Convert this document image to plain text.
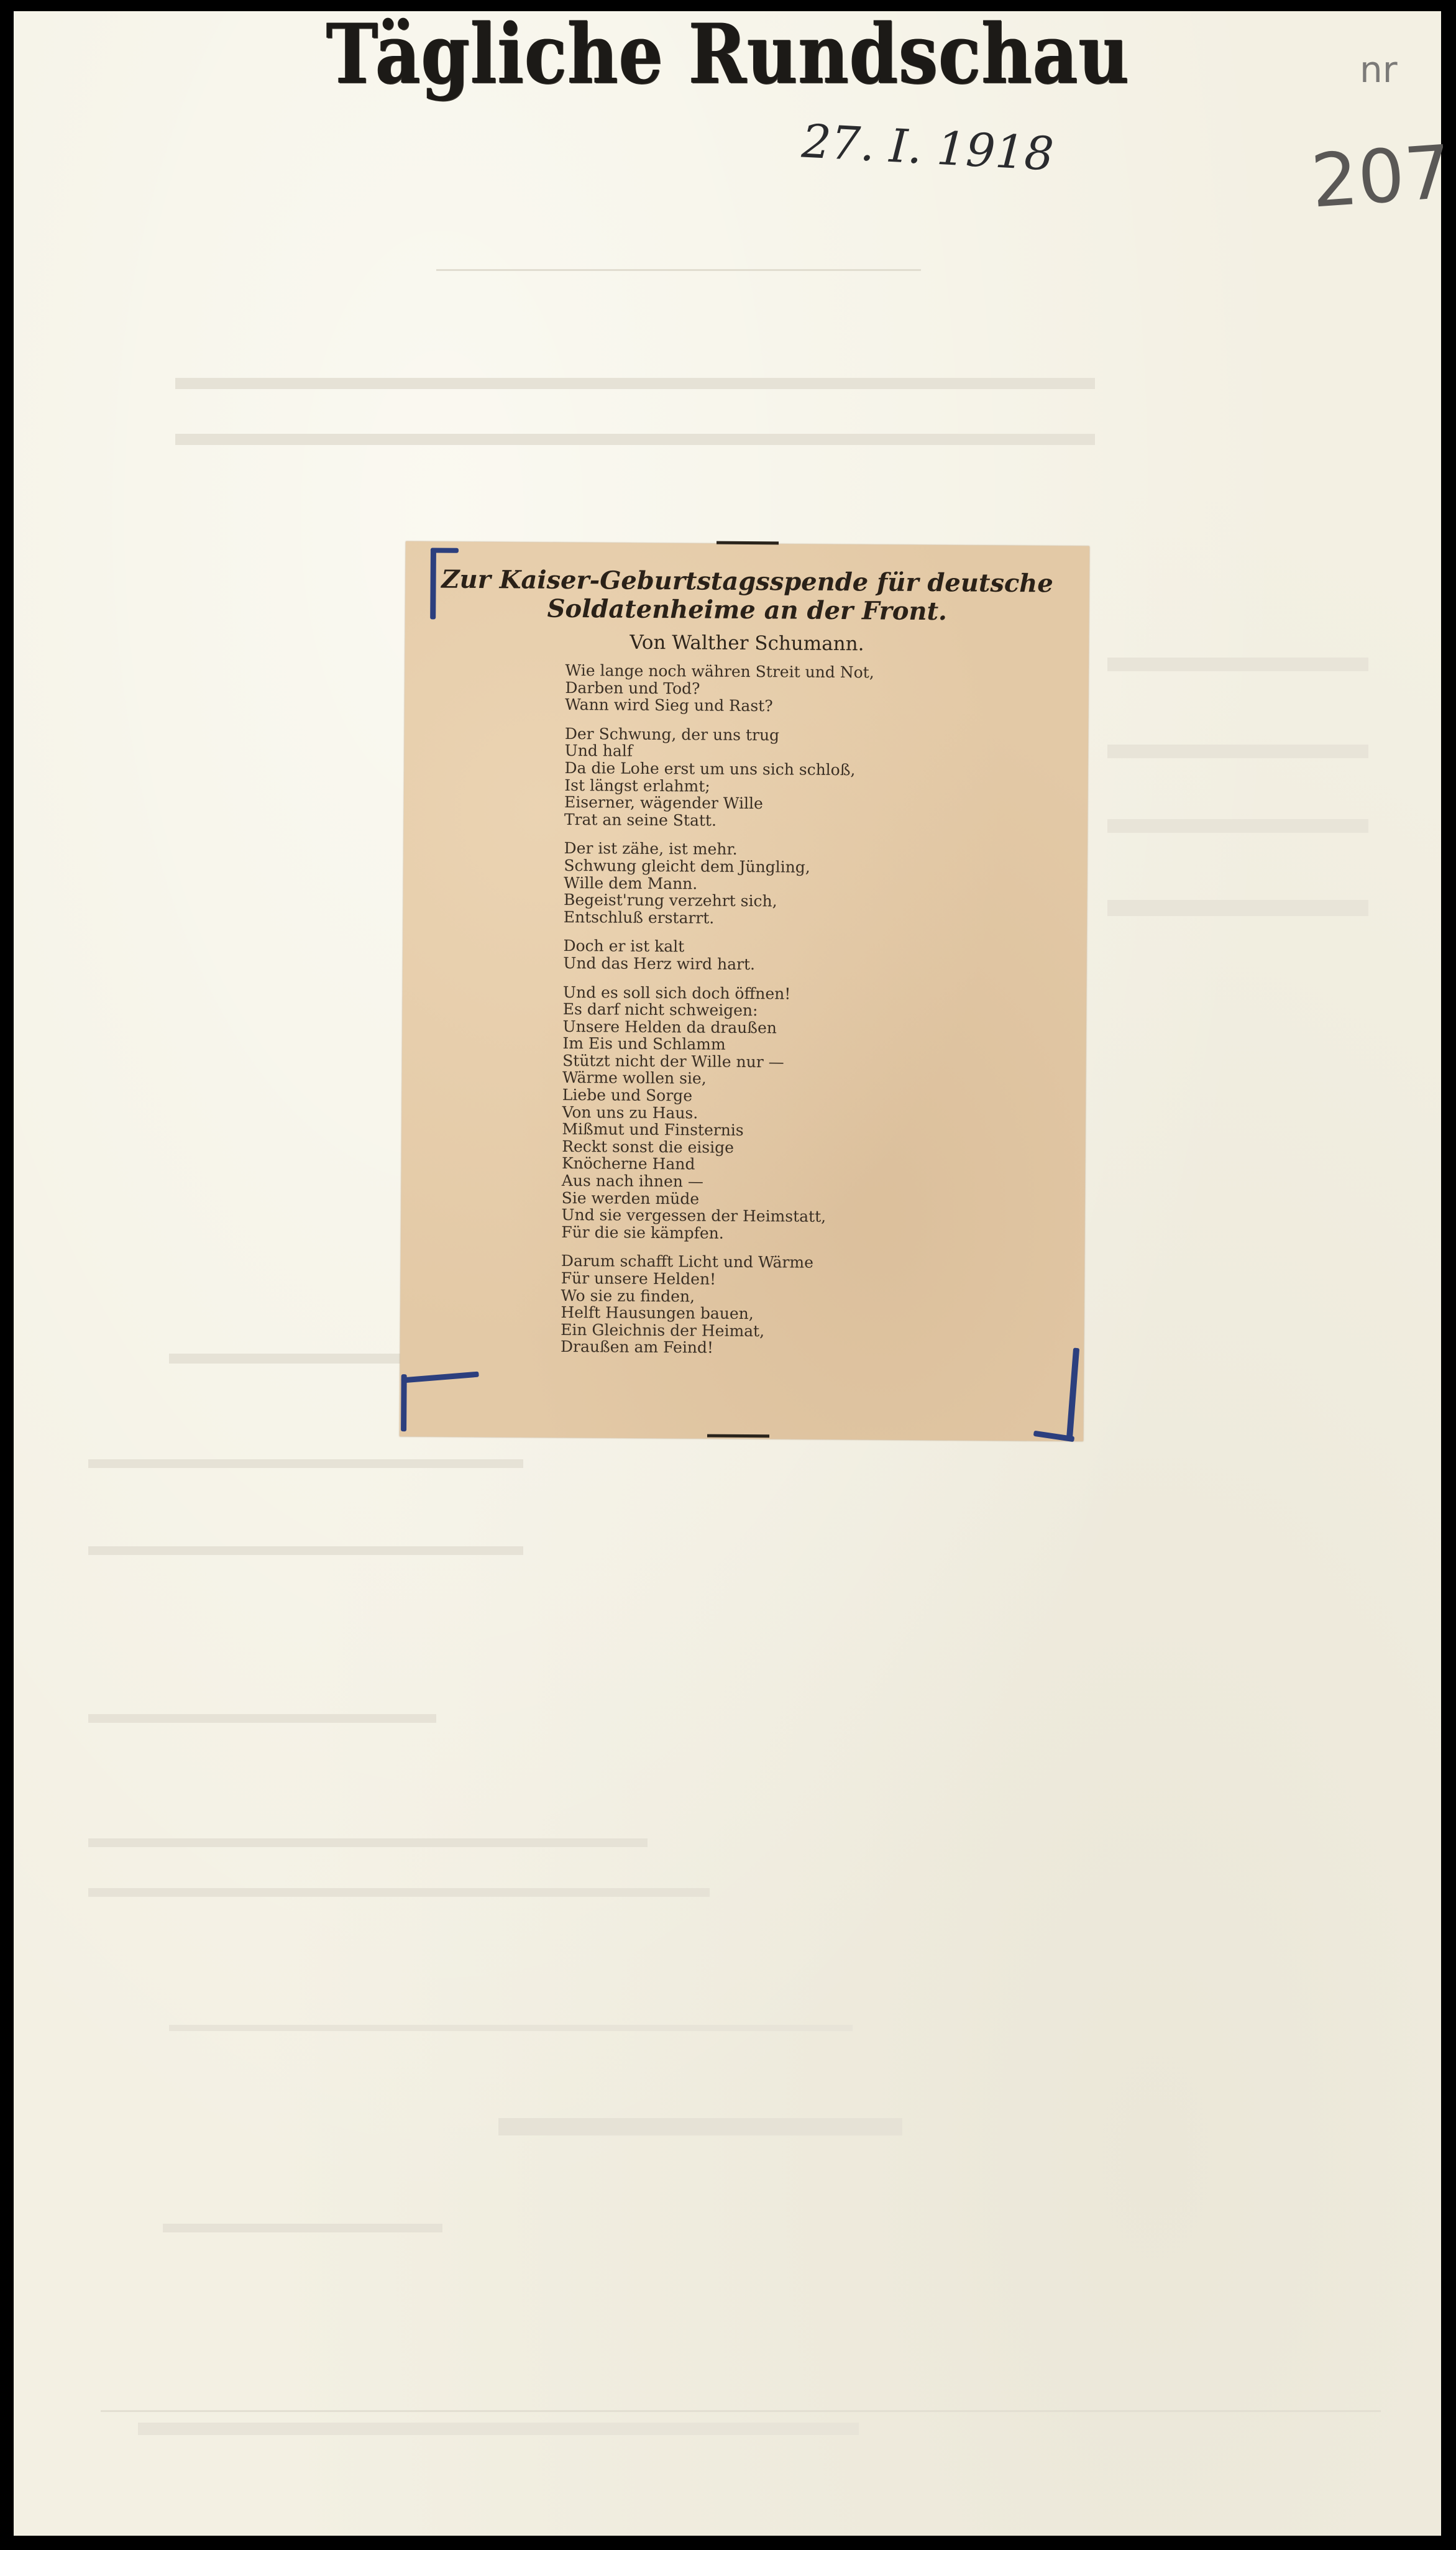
Tägliche Rundschau
27. I. 1918
nr
207
Zur Kaiser-Geburtstagsspende für deutsche
Soldatenheime an der Front.
Von Walther Schumann.
Wie lange noch währen Streit und Not,
Darben und Tod?
Wann wird Sieg und Rast?
Der Schwung, der uns trug
Und half
Da die Lohe erst um uns sich schloß,
Ist längst erlahmt;
Eiserner, wägender Wille
Trat an seine Statt.
Der ist zähe, ist mehr.
Schwung gleicht dem Jüngling,
Wille dem Mann.
Begeist'rung verzehrt sich,
Entschluß erstarrt.
Doch er ist kalt
Und das Herz wird hart.
Und es soll sich doch öffnen!
Es darf nicht schweigen:
Unsere Helden da draußen
Im Eis und Schlamm
Stützt nicht der Wille nur —
Wärme wollen sie,
Liebe und Sorge
Von uns zu Haus.
Mißmut und Finsternis
Reckt sonst die eisige
Knöcherne Hand
Aus nach ihnen —
Sie werden müde
Und sie vergessen der Heimstatt,
Für die sie kämpfen.
Darum schafft Licht und Wärme
Für unsere Helden!
Wo sie zu finden,
Helft Hausungen bauen,
Ein Gleichnis der Heimat,
Draußen am Feind!
